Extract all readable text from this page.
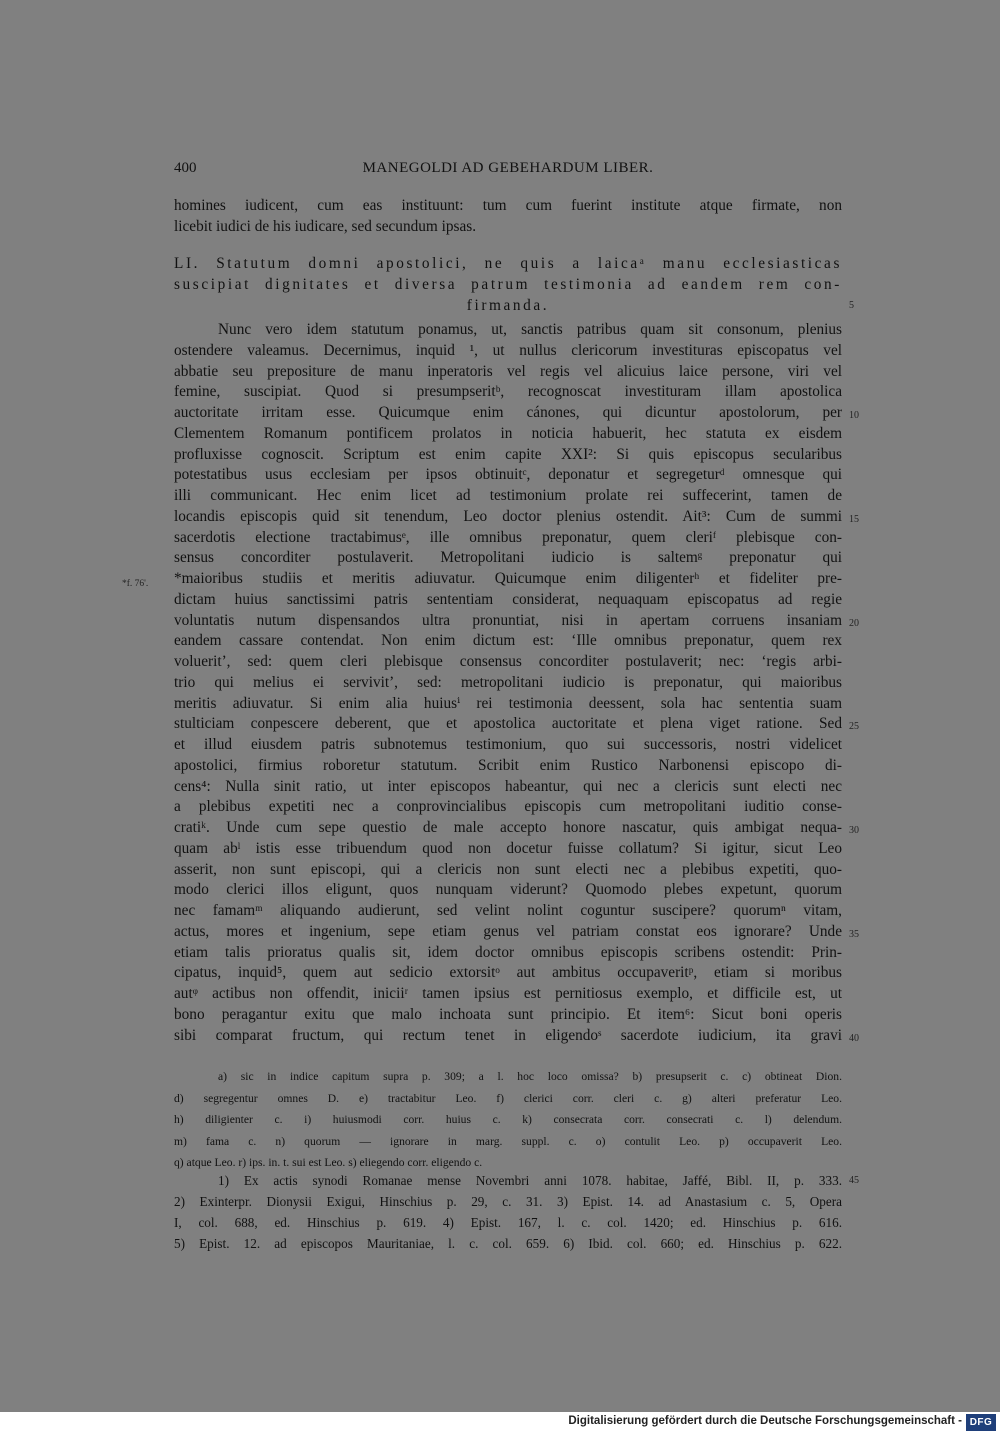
400	MANEGOLDI AD GEBEHARDUM LIBER.
homines iudicent, cum eas instituunt: tum cum fuerint institute atque firmate, non
licebit iudici de his iudicare, sed secundum ipsas.
LI. Statutum domni apostolici, ne quis a laicaᵃ manu ecclesiasticas
suscipiat dignitates et diversa patrum testimonia ad eandem rem con-
firmanda.	5
Nunc vero idem statutum ponamus, ut, sanctis patribus quam sit consonum, plenius
ostendere valeamus. Decernimus, inquid ¹, ut nullus clericorum investituras episcopatus vel
abbatie seu prepositure de manu inperatoris vel regis vel alicuius laice persone, viri vel
femine, suscipiat. Quod si presumpseritᵇ, recognoscat investituram illam apostolica
auctoritate irritam esse. Quicumque enim cánones, qui dicuntur apostolorum, per
Clementem Romanum pontificem prolatos in noticia habuerit, hec statuta ex eisdem
profluxisse cognoscit. Scriptum est enim capite XXI²: Si quis episcopus secularibus
potestatibus usus ecclesiam per ipsos obtinuitᶜ, deponatur et segregeturᵈ omnesque qui
illi communicant. Hec enim licet ad testimonium prolate rei suffecerint, tamen de
locandis episcopis quid sit tenendum, Leo doctor plenius ostendit. Ait³: Cum de summi
sacerdotis electione tractabimusᵉ, ille omnibus preponatur, quem cleriᶠ plebisque con-
sensus concorditer postulaverit. Metropolitani iudicio is saltemᵍ preponatur qui
*maioribus studiis et meritis adiuvatur. Quicumque enim diligenterʰ et fideliter pre-
dictam huius sanctissimi patris sententiam considerat, nequaquam episcopatus ad regie
voluntatis nutum dispensandos ultra pronuntiat, nisi in apertam corruens insaniam
eandem cassare contendat. Non enim dictum est: ‘Ille omnibus preponatur, quem rex
voluerit’, sed: quem cleri plebisque consensus concorditer postulaverit; nec: ‘regis arbi-
trio qui melius ei servivit’, sed: metropolitani iudicio is preponatur, qui maioribus
meritis adiuvatur. Si enim alia huiusⁱ rei testimonia deessent, sola hac sententia suam
stulticiam conpescere deberent, que et apostolica auctoritate et plena viget ratione. Sed
et illud eiusdem patris subnotemus testimonium, quo sui successoris, nostri videlicet
apostolici, firmius roboretur statutum. Scribit enim Rustico Narbonensi episcopo di-
cens⁴: Nulla sinit ratio, ut inter episcopos habeantur, qui nec a clericis sunt electi nec
a plebibus expetiti nec a conprovincialibus episcopis cum metropolitani iuditio conse-
cratiᵏ. Unde cum sepe questio de male accepto honore nascatur, quis ambigat nequa-
quam abˡ istis esse tribuendum quod non docetur fuisse collatum? Si igitur, sicut Leo
asserit, non sunt episcopi, qui a clericis non sunt electi nec a plebibus expetiti, quo-
modo clerici illos eligunt, quos nunquam viderunt? Quomodo plebes expetunt, quorum
nec famamᵐ aliquando audierunt, sed velint nolint coguntur suscipere? quorumⁿ vitam,
actus, mores et ingenium, sepe etiam genus vel patriam constat eos ignorare? Unde
etiam talis prioratus qualis sit, idem doctor omnibus episcopis scribens ostendit: Prin-
cipatus, inquid⁵, quem aut sedicio extorsitᵒ aut ambitus occupaveritᵖ, etiam si moribus
autᵠ actibus non offendit, iniciiʳ tamen ipsius est pernitiosus exemplo, et difficile est, ut
bono peragantur exitu que malo inchoata sunt principio. Et item⁶: Sicut boni operis
sibi comparat fructum, qui rectum tenet in eligendoˢ sacerdote iudicium, ita gravi
10
15
20
25
30
35
40
*f. 76'.
a) sic in indice capitum supra p. 309; a l. hoc loco omissa? b) presupserit c. c) obtineat Dion.
d) segregentur omnes D. e) tractabitur Leo. f) clerici corr. cleri c. g) alteri preferatur Leo.
h) diligienter c. i) huiusmodi corr. huius c. k) consecrata corr. consecrati c. l) delendum.
m) fama c. n) quorum — ignorare in marg. suppl. c. o) contulit Leo. p) occupaverit Leo.
q) atque Leo. r) ips. in. t. sui est Leo. s) eliegendo corr. eligendo c.
1) Ex actis synodi Romanae mense Novembri anni 1078. habitae, Jaffé, Bibl. II, p. 333.
2) Exinterpr. Dionysii Exigui, Hinschius p. 29, c. 31. 3) Epist. 14. ad Anastasium c. 5, Opera
I, col. 688, ed. Hinschius p. 619. 4) Epist. 167, l. c. col. 1420; ed. Hinschius p. 616.
5) Epist. 12. ad episcopos Mauritaniae, l. c. col. 659. 6) Ibid. col. 660; ed. Hinschius p. 622.
45
Digitalisierung gefördert durch die Deutsche Forschungsgemeinschaft - DFG
